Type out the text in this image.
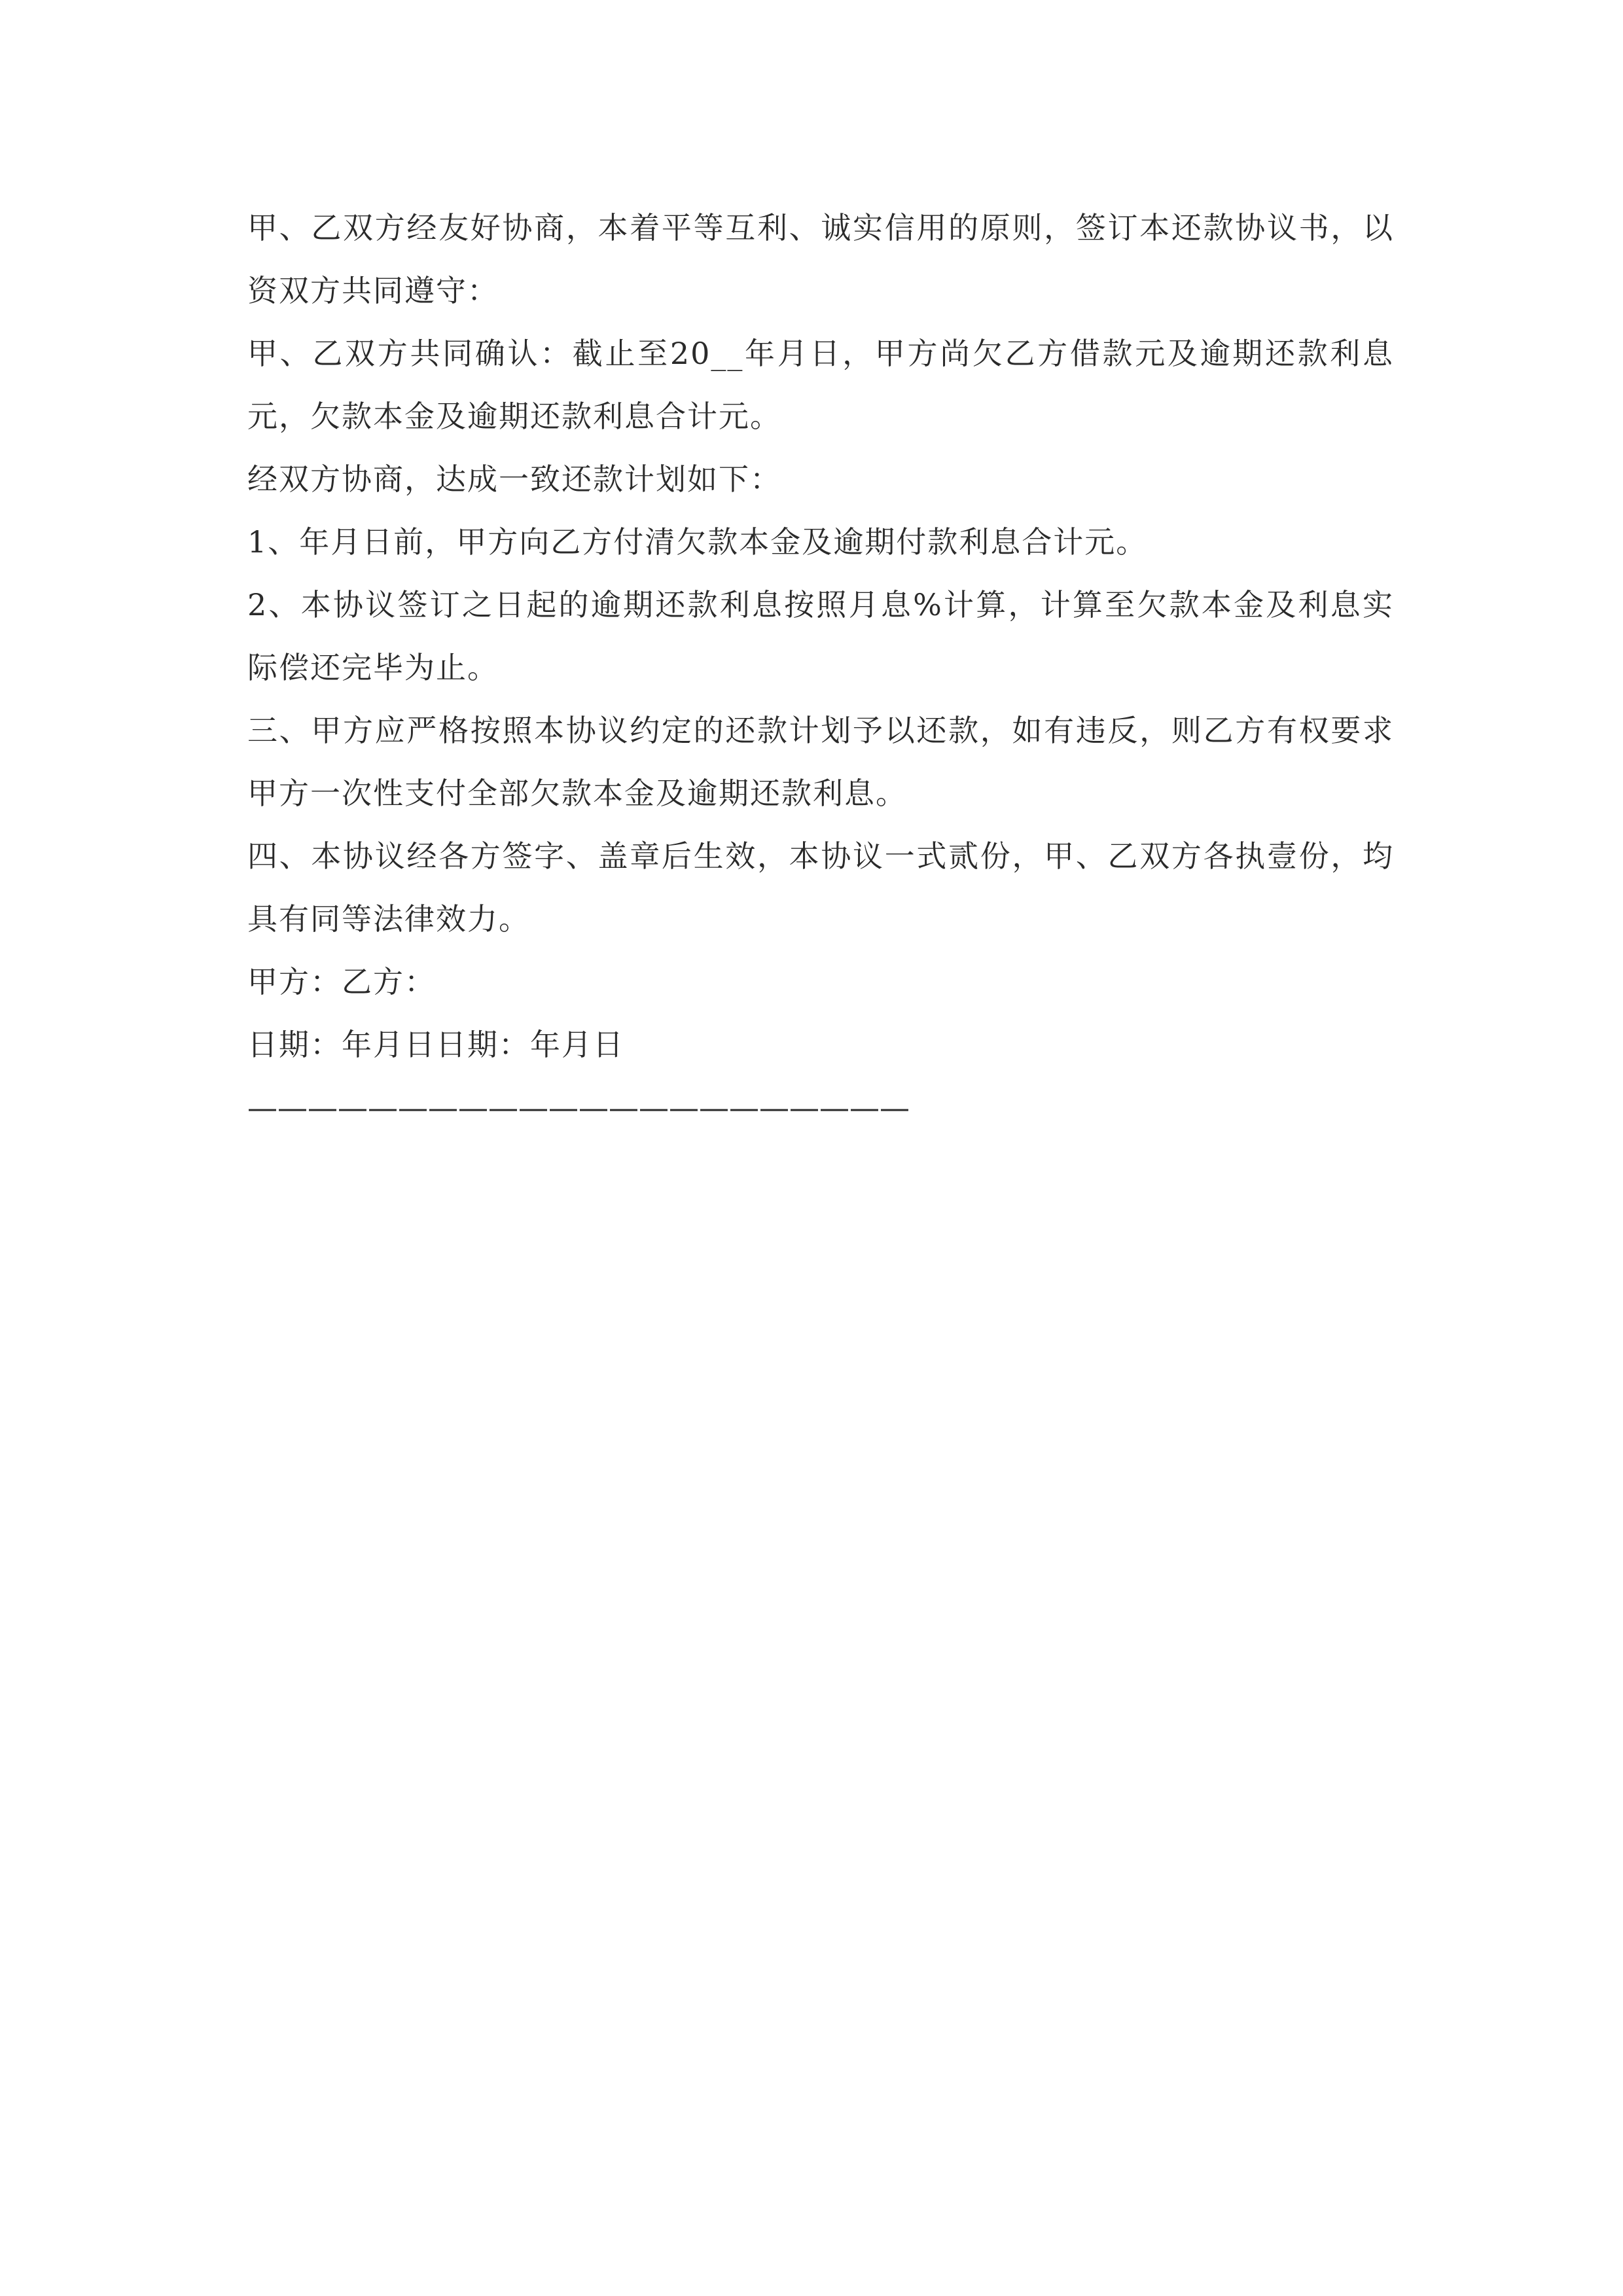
甲、乙双方经友好协商，本着平等互利、诚实信用的原则，签订本还款协议书，以资双方共同遵守：

甲、乙双方共同确认：截止至20__年月日，甲方尚欠乙方借款元及逾期还款利息元，欠款本金及逾期还款利息合计元。

经双方协商，达成一致还款计划如下：

1、年月日前，甲方向乙方付清欠款本金及逾期付款利息合计元。

2、本协议签订之日起的逾期还款利息按照月息%计算，计算至欠款本金及利息实际偿还完毕为止。

三、甲方应严格按照本协议约定的还款计划予以还款，如有违反，则乙方有权要求甲方一次性支付全部欠款本金及逾期还款利息。

四、本协议经各方签字、盖章后生效，本协议一式贰份，甲、乙双方各执壹份，均具有同等法律效力。

甲方：乙方：

日期：年月日日期：年月日

——————————————————————
